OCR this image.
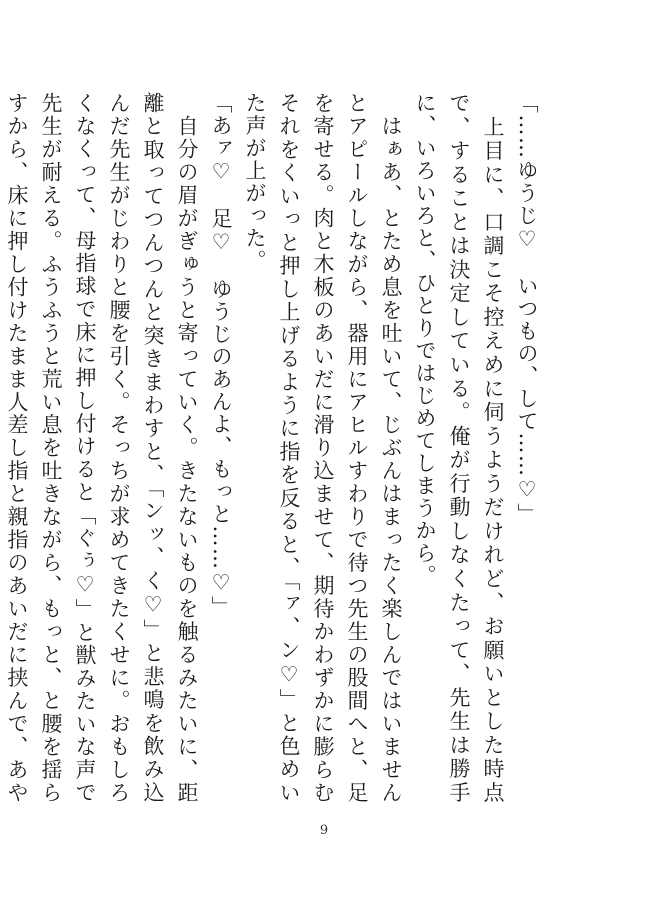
「……ゆうじ♡　いつもの、して……♡」

　上目に、口調こそ控えめに伺うようだけれど、お願いとした時点で、することは決定している。俺が行動しなくたって、先生は勝手に、いろいろと、ひとりではじめてしまうから。

　はぁあ、とため息を吐いて、じぶんはまったく楽しんではいませんとアピールしながら、器用にアヒルすわりで待つ先生の股間へと、足を寄せる。肉と木板のあいだに滑り込ませて、期待かわずかに膨らむそれをくいっと押し上げるように指を反ると、「ァ、ン♡」と色めいた声が上がった。

「あァ♡　足♡　ゆうじのあんよ、もっと……♡」

　自分の眉がぎゅうと寄っていく。きたないものを触るみたいに、距離と取ってつんつんと突きまわすと、「ンッ、く♡」と悲鳴を飲み込んだ先生がじわりと腰を引く。そっちが求めてきたくせに。おもしろくなくって、母指球で床に押し付けると「ぐぅ♡」と獣みたいな声で先生が耐える。ふうふうと荒い息を吐きながら、もっと、と腰を揺らすから、床に押し付けたまま人差し指と親指のあいだに挟んで、あや

9
